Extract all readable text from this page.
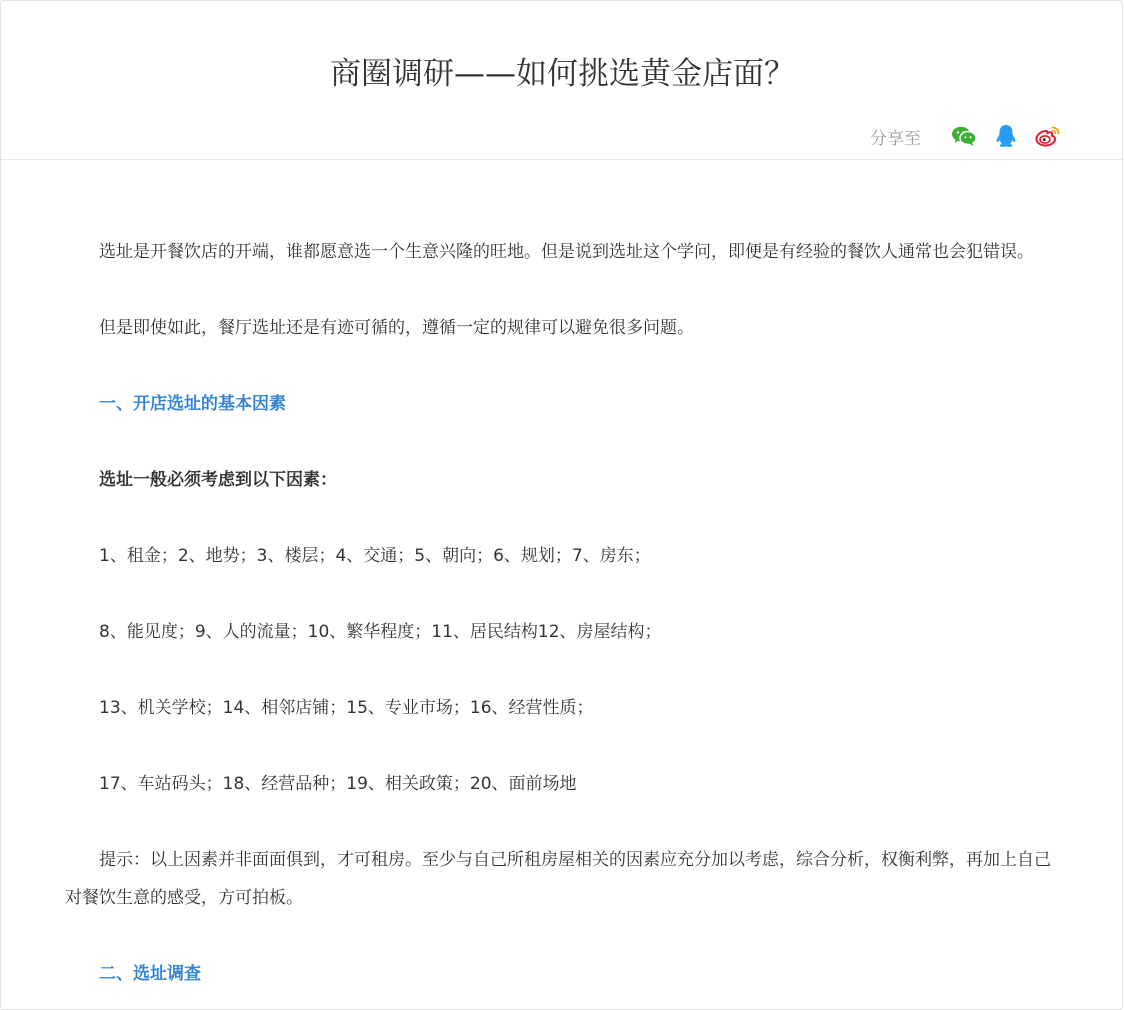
商圈调研——如何挑选黄金店面？
分享至

选址是开餐饮店的开端，谁都愿意选一个生意兴隆的旺地。但是说到选址这个学问，即便是有经验的餐饮人通常也会犯错误。

但是即使如此，餐厅选址还是有迹可循的，遵循一定的规律可以避免很多问题。

一、开店选址的基本因素

选址一般必须考虑到以下因素：

1、租金；2、地势；3、楼层；4、交通；5、朝向；6、规划；7、房东；

8、能见度；9、人的流量；10、繁华程度；11、居民结构12、房屋结构；

13、机关学校；14、相邻店铺；15、专业市场；16、经营性质；

17、车站码头；18、经营品种；19、相关政策；20、面前场地

提示：以上因素并非面面俱到，才可租房。至少与自己所租房屋相关的因素应充分加以考虑，综合分析，权衡利弊，再加上自己对餐饮生意的感受，方可拍板。

二、选址调查
